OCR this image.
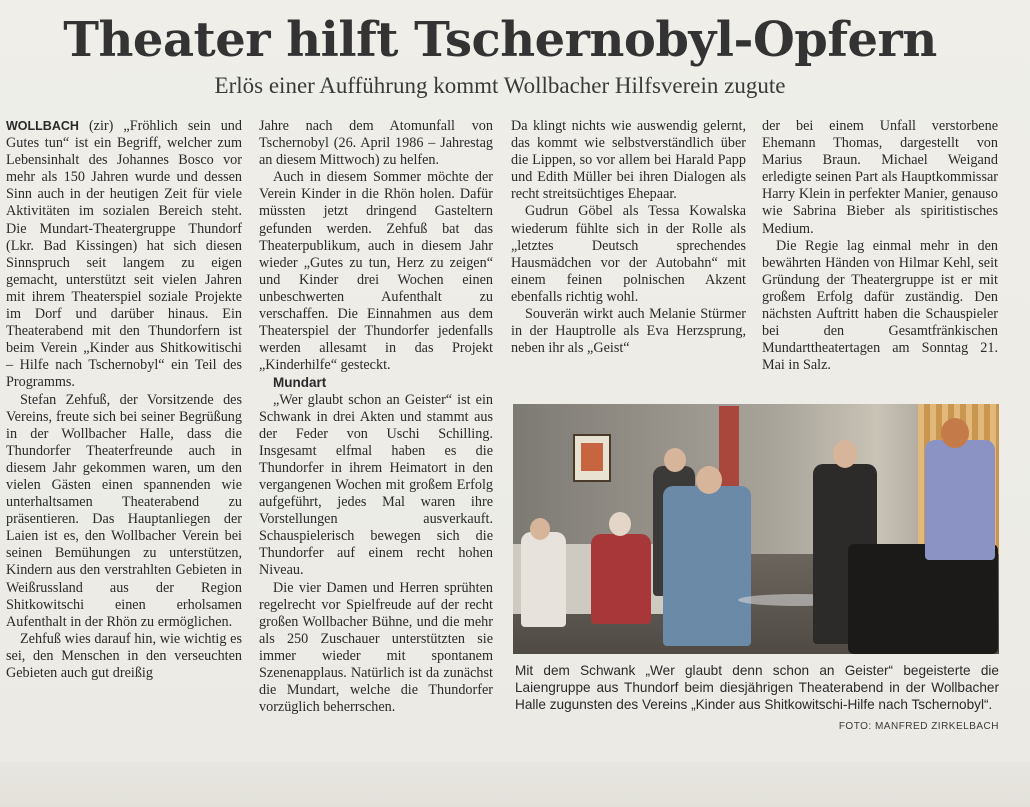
Theater hilft Tschernobyl-Opfern
Erlös einer Aufführung kommt Wollbacher Hilfsverein zugute

WOLLBACH (zir) „Fröhlich sein und Gutes tun“ ist ein Begriff, welcher zum Lebensinhalt des Johannes Bosco vor mehr als 150 Jahren wurde und dessen Sinn auch in der heutigen Zeit für viele Aktivitäten im sozialen Bereich steht. Die Mundart-Theatergruppe Thundorf (Lkr. Bad Kissingen) hat sich diesen Sinnspruch seit langem zu eigen gemacht, unterstützt seit vielen Jahren mit ihrem Theaterspiel soziale Projekte im Dorf und darüber hinaus. Ein Theaterabend mit den Thundorfern ist beim Verein „Kinder aus Shitkowitischi – Hilfe nach Tschernobyl“ ein Teil des Programms.

Stefan Zehfuß, der Vorsitzende des Vereins, freute sich bei seiner Begrüßung in der Wollbacher Halle, dass die Thundorfer Theaterfreunde auch in diesem Jahr gekommen waren, um den vielen Gästen einen spannenden wie unterhaltsamen Theaterabend zu präsentieren. Das Hauptanliegen der Laien ist es, den Wollbacher Verein bei seinen Bemühungen zu unterstützen, Kindern aus den verstrahlten Gebieten in Weißrussland aus der Region Shitkowitschi einen erholsamen Aufenthalt in der Rhön zu ermöglichen.

Zehfuß wies darauf hin, wie wichtig es sei, den Menschen in den verseuchten Gebieten auch gut dreißig

Jahre nach dem Atomunfall von Tschernobyl (26. April 1986 – Jahrestag an diesem Mittwoch) zu helfen.

Auch in diesem Sommer möchte der Verein Kinder in die Rhön holen. Dafür müssten jetzt dringend Gasteltern gefunden werden. Zehfuß bat das Theaterpublikum, auch in diesem Jahr wieder „Gutes zu tun, Herz zu zeigen“ und Kinder drei Wochen einen unbeschwerten Aufenthalt zu verschaffen. Die Einnahmen aus dem Theaterspiel der Thundorfer jedenfalls werden allesamt in das Projekt „Kinderhilfe“ gesteckt.

Mundart

„Wer glaubt schon an Geister“ ist ein Schwank in drei Akten und stammt aus der Feder von Uschi Schilling. Insgesamt elfmal haben es die Thundorfer in ihrem Heimatort in den vergangenen Wochen mit großem Erfolg aufgeführt, jedes Mal waren ihre Vorstellungen ausverkauft. Schauspielerisch bewegen sich die Thundorfer auf einem recht hohen Niveau.

Die vier Damen und Herren sprühten regelrecht vor Spielfreude auf der recht großen Wollbacher Bühne, und die mehr als 250 Zuschauer unterstützten sie immer wieder mit spontanem Szenenapplaus. Natürlich ist da zunächst die Mundart, welche die Thundorfer vorzüglich beherrschen.

Da klingt nichts wie auswendig gelernt, das kommt wie selbstverständlich über die Lippen, so vor allem bei Harald Papp und Edith Müller bei ihren Dialogen als recht streitsüchtiges Ehepaar.

Gudrun Göbel als Tessa Kowalska wiederum fühlte sich in der Rolle als „letztes Deutsch sprechendes Hausmädchen vor der Autobahn“ mit einem feinen polnischen Akzent ebenfalls richtig wohl.

Souverän wirkt auch Melanie Stürmer in der Hauptrolle als Eva Herzsprung, neben ihr als „Geist“

der bei einem Unfall verstorbene Ehemann Thomas, dargestellt von Marius Braun. Michael Weigand erledigte seinen Part als Hauptkommissar Harry Klein in perfekter Manier, genauso wie Sabrina Bieber als spiritistisches Medium.

Die Regie lag einmal mehr in den bewährten Händen von Hilmar Kehl, seit Gründung der Theatergruppe ist er mit großem Erfolg dafür zuständig. Den nächsten Auftritt haben die Schauspieler bei den Gesamtfränkischen Mundarttheatertagen am Sonntag 21. Mai in Salz.

Mit dem Schwank „Wer glaubt denn schon an Geister“ begeisterte die Laiengruppe aus Thundorf beim diesjährigen Theaterabend in der Wollbacher Halle zugunsten des Vereins „Kinder aus Shitkowitschi-Hilfe nach Tschernobyl“.
FOTO: MANFRED ZIRKELBACH
